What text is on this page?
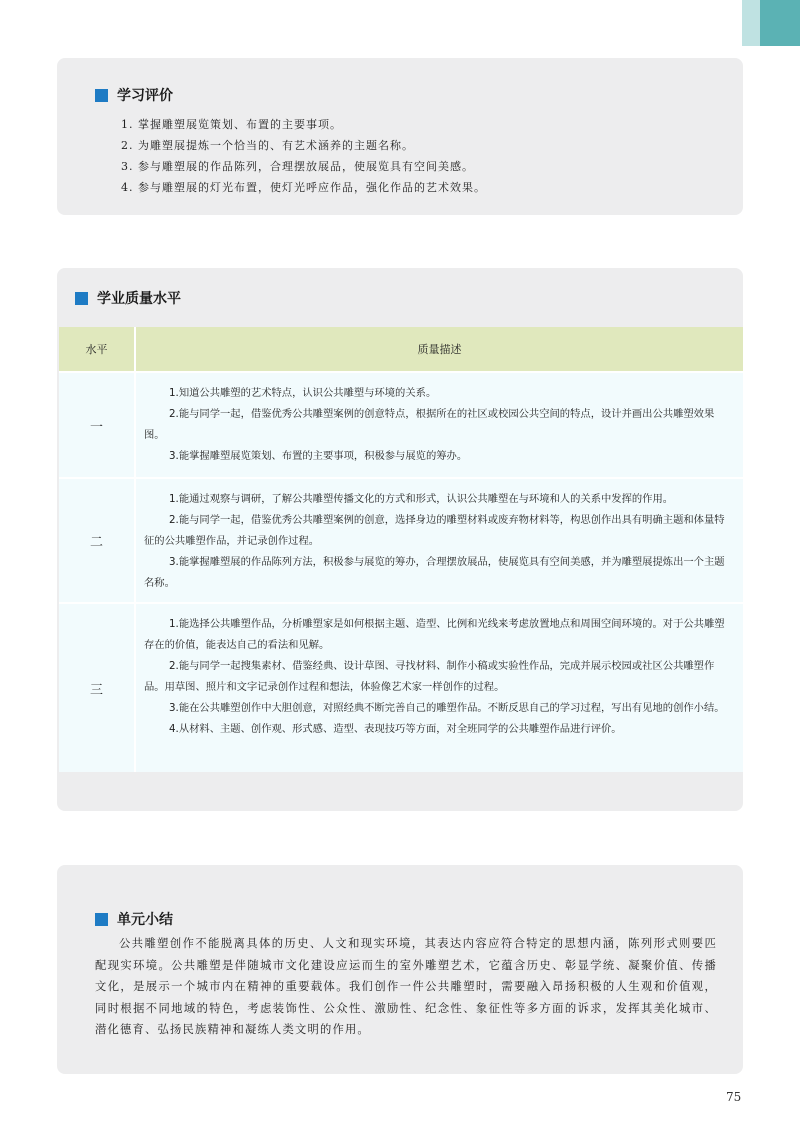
学习评价
1. 掌握雕塑展览策划、布置的主要事项。
2. 为雕塑展提炼一个恰当的、有艺术涵养的主题名称。
3. 参与雕塑展的作品陈列，合理摆放展品，使展览具有空间美感。
4. 参与雕塑展的灯光布置，使灯光呼应作品，强化作品的艺术效果。
学业质量水平
水平	质量描述
一

1.知道公共雕塑的艺术特点，认识公共雕塑与环境的关系。

2.能与同学一起，借鉴优秀公共雕塑案例的创意特点，根据所在的社区或校园公共空间的特点，设计并画出公共雕塑效果图。

3.能掌握雕塑展览策划、布置的主要事项，积极参与展览的筹办。

二

1.能通过观察与调研，了解公共雕塑传播文化的方式和形式，认识公共雕塑在与环境和人的关系中发挥的作用。

2.能与同学一起，借鉴优秀公共雕塑案例的创意，选择身边的雕塑材料或废弃物材料等，构思创作出具有明确主题和体量特征的公共雕塑作品，并记录创作过程。

3.能掌握雕塑展的作品陈列方法，积极参与展览的筹办，合理摆放展品，使展览具有空间美感，并为雕塑展提炼出一个主题名称。

三

1.能选择公共雕塑作品，分析雕塑家是如何根据主题、造型、比例和光线来考虑放置地点和周围空间环境的。对于公共雕塑存在的价值，能表达自己的看法和见解。

2.能与同学一起搜集素材、借鉴经典、设计草图、寻找材料、制作小稿或实验性作品，完成并展示校园或社区公共雕塑作品。用草图、照片和文字记录创作过程和想法，体验像艺术家一样创作的过程。

3.能在公共雕塑创作中大胆创意，对照经典不断完善自己的雕塑作品。不断反思自己的学习过程，写出有见地的创作小结。

4.从材料、主题、创作观、形式感、造型、表现技巧等方面，对全班同学的公共雕塑作品进行评价。

单元小结

公共雕塑创作不能脱离具体的历史、人文和现实环境，其表达内容应符合特定的思想内涵，陈列形式则要匹配现实环境。公共雕塑是伴随城市文化建设应运而生的室外雕塑艺术，它蕴含历史、彰显学统、凝聚价值、传播文化，是展示一个城市内在精神的重要载体。我们创作一件公共雕塑时，需要融入昂扬积极的人生观和价值观，同时根据不同地域的特色，考虑装饰性、公众性、激励性、纪念性、象征性等多方面的诉求，发挥其美化城市、潜化德育、弘扬民族精神和凝练人类文明的作用。

75
